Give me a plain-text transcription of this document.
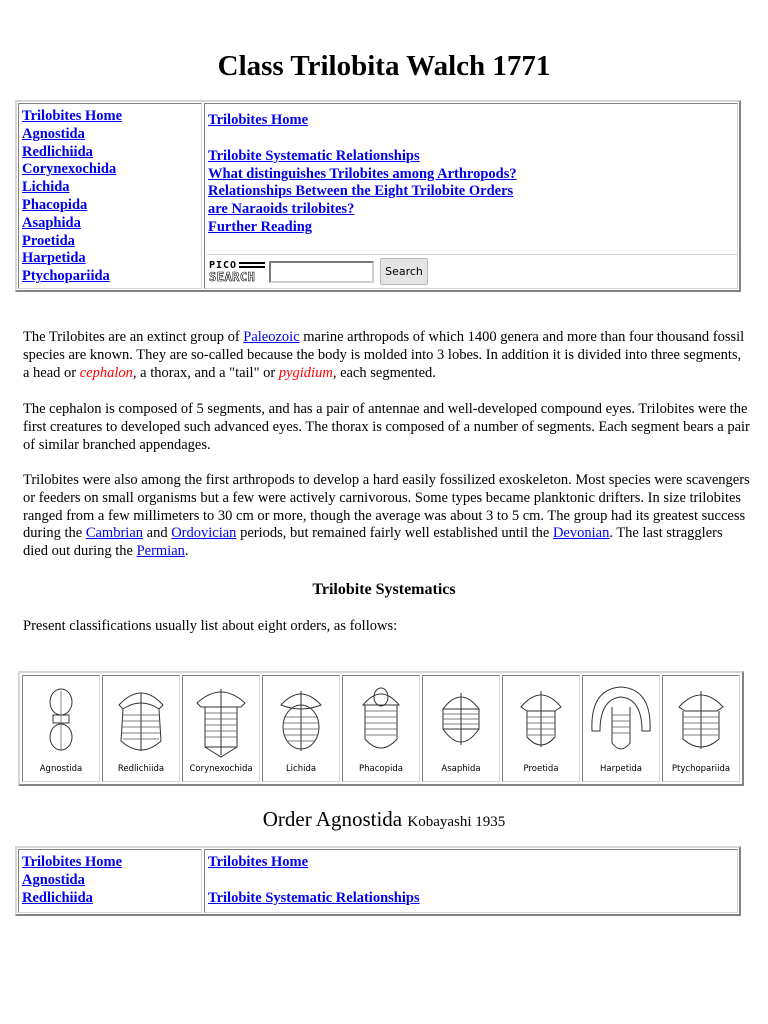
Class Trilobita Walch 1771
Trilobites Home
Agnostida
Redlichiida
Corynexochida
Lichida
Phacopida
Asaphida
Proetida
Harpetida
Ptychopariida
Trilobites Home
Trilobite Systematic Relationships
What distinguishes Trilobites among Arthropods?
Relationships Between the Eight Trilobite Orders
are Naraoids trilobites?
Further Reading
PICO
SEARCH	Search

The Trilobites are an extinct group of Paleozoic marine arthropods of which 1400 genera and more than four thousand fossil species are known. They are so-called because the body is molded into 3 lobes. In addition it is divided into three segments, a head or cephalon, a thorax, and a "tail" or pygidium, each segmented.

The cephalon is composed of 5 segments, and has a pair of antennae and well-developed compound eyes. Trilobites were the first creatures to developed such advanced eyes. The thorax is composed of a number of segments. Each segment bears a pair of similar branched appendages.

Trilobites were also among the first arthropods to develop a hard easily fossilized exoskeleton. Most species were scavengers or feeders on small organisms but a few were actively carnivorous. Some types became planktonic drifters. In size trilobites ranged from a few millimeters to 30 cm or more, though the average was about 3 to 5 cm. The group had its greatest success during the Cambrian and Ordovician periods, but remained fairly well established until the Devonian. The last stragglers died out during the Permian.

Trilobite Systematics

Present classifications usually list about eight orders, as follows:

Agnostida	Redlichiida	Corynexochida	Lichida	Phacopida	Asaphida	Proetida	Harpetida	Ptychopariida
Order Agnostida Kobayashi 1935
Trilobites Home
Agnostida
Redlichiida
Trilobites Home
Trilobite Systematic Relationships
